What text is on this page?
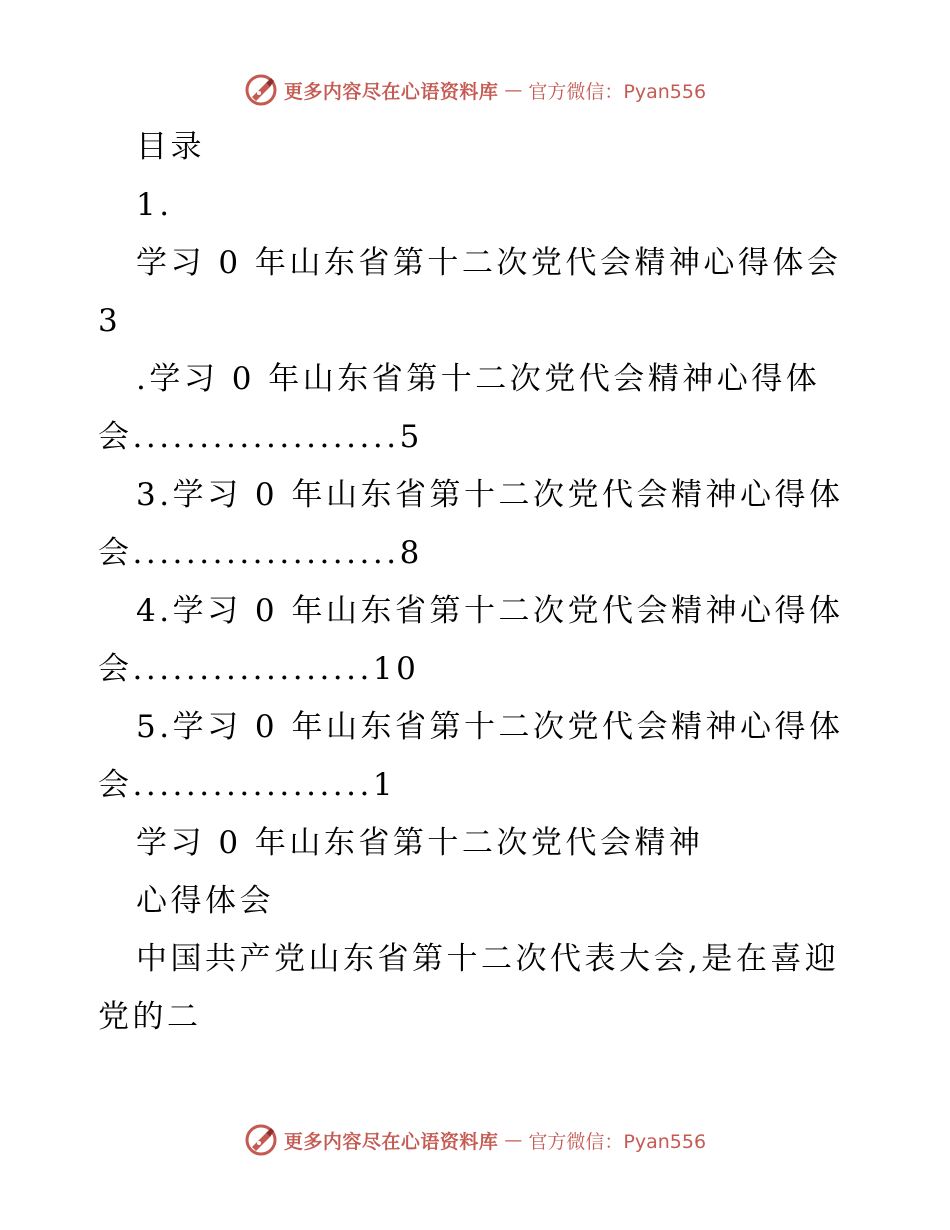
更多内容尽在心语资料库 — 官方微信：Pyan556
目录
1.
学习 0 年山东省第十二次党代会精神心得体会
3
.学习 0 年山东省第十二次党代会精神心得体
会....................5
3.学习 0 年山东省第十二次党代会精神心得体
会....................8
4.学习 0 年山东省第十二次党代会精神心得体
会..................10
5.学习 0 年山东省第十二次党代会精神心得体
会..................1
学习 0 年山东省第十二次党代会精神
心得体会
中国共产党山东省第十二次代表大会,是在喜迎
党的二
更多内容尽在心语资料库 — 官方微信：Pyan556
